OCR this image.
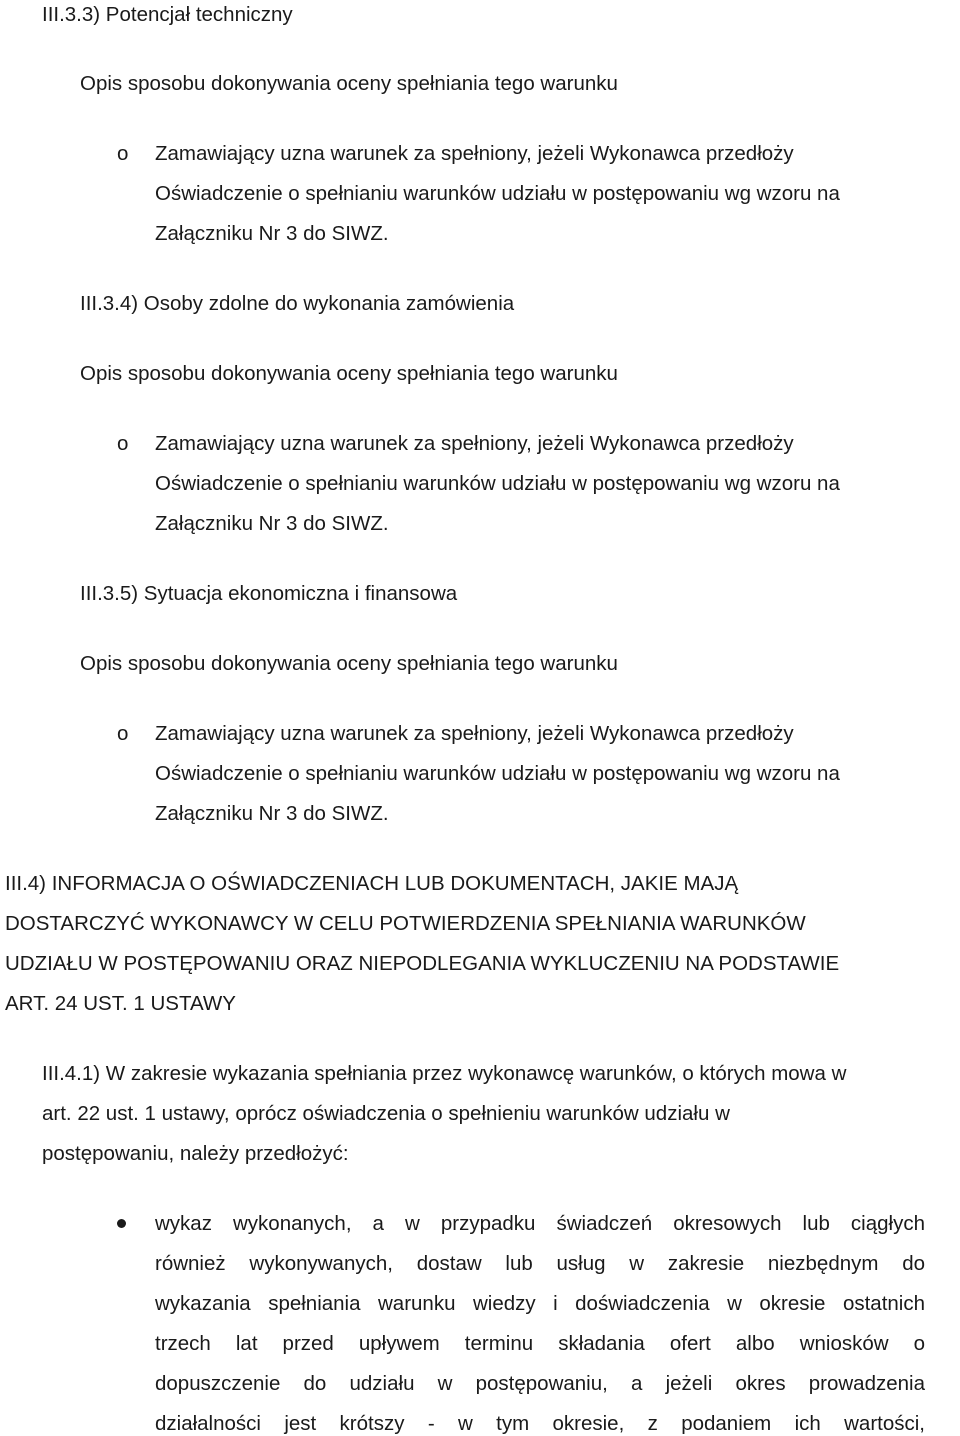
III.3.3) Potencjał techniczny
Opis sposobu dokonywania oceny spełniania tego warunku
o Zamawiający uzna warunek za spełniony, jeżeli Wykonawca przedłoży
Oświadczenie o spełnianiu warunków udziału w postępowaniu wg wzoru na
Załączniku Nr 3 do SIWZ.
III.3.4) Osoby zdolne do wykonania zamówienia
Opis sposobu dokonywania oceny spełniania tego warunku
o Zamawiający uzna warunek za spełniony, jeżeli Wykonawca przedłoży
Oświadczenie o spełnianiu warunków udziału w postępowaniu wg wzoru na
Załączniku Nr 3 do SIWZ.
III.3.5) Sytuacja ekonomiczna i finansowa
Opis sposobu dokonywania oceny spełniania tego warunku
o Zamawiający uzna warunek za spełniony, jeżeli Wykonawca przedłoży
Oświadczenie o spełnianiu warunków udziału w postępowaniu wg wzoru na
Załączniku Nr 3 do SIWZ.
III.4) INFORMACJA O OŚWIADCZENIACH LUB DOKUMENTACH, JAKIE MAJĄ
DOSTARCZYĆ WYKONAWCY W CELU POTWIERDZENIA SPEŁNIANIA WARUNKÓW
UDZIAŁU W POSTĘPOWANIU ORAZ NIEPODLEGANIA WYKLUCZENIU NA PODSTAWIE
ART. 24 UST. 1 USTAWY
III.4.1) W zakresie wykazania spełniania przez wykonawcę warunków, o których mowa w
art. 22 ust. 1 ustawy, oprócz oświadczenia o spełnieniu warunków udziału w
postępowaniu, należy przedłożyć:
wykaz wykonanych, a w przypadku świadczeń okresowych lub ciągłych
również wykonywanych, dostaw lub usług w zakresie niezbędnym do
wykazania spełniania warunku wiedzy i doświadczenia w okresie ostatnich
trzech lat przed upływem terminu składania ofert albo wniosków o
dopuszczenie do udziału w postępowaniu, a jeżeli okres prowadzenia
działalności jest krótszy - w tym okresie, z podaniem ich wartości,
